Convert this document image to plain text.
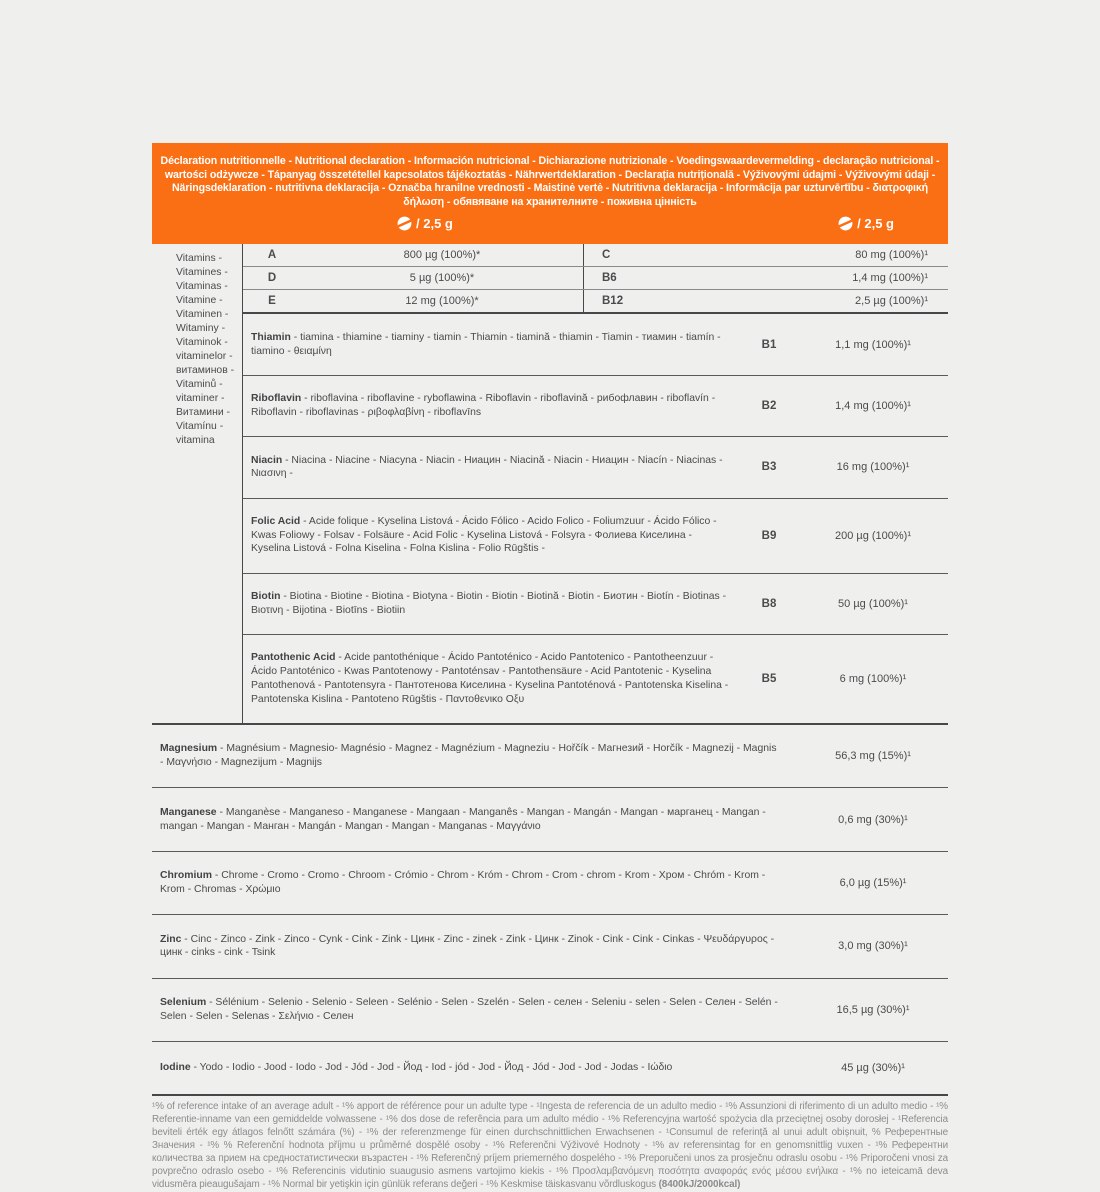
Déclaration nutritionnelle - Nutritional declaration - Información nutricional - Dichiarazione nutrizionale - Voedingswaardevermelding - declaração nutricional - wartości odżywcze - Tápanyag összetétellel kapcsolatos tájékoztatás - Nährwertdeklaration - Declarația nutrițională - Výživovými údajmi - Výživovými údaji - Näringsdeklaration - nutritivna deklaracija - Označba hranilne vrednosti - Maistinė vertė - Nutritivna deklaracija - Informācija par uzturvērtību - διατροφική δήλωση - обявяване на хранителните - поживна цінність

/ 2,5 g	/ 2,5 g
Vitamins - Vitamines - Vitaminas - Vitamine - Vitaminen - Witaminy - Vitaminok - vitaminelor - витаминов - Vitaminů - vitaminer - Витамини - Vitamínu - vitamina
A	800 µg (100%)*	C	80 mg (100%)¹
D	5 µg (100%)*	B6	1,4 mg (100%)¹
E	12 mg (100%)*	B12	2,5 µg (100%)¹

Thiamin - tiamina - thiamine - tiaminy - tiamin - Thiamin - tiamină - thiamin - Tiamin - тиамин - tiamín - tiamino - θειαμίνη

B1	1,1 mg (100%)¹

Riboflavin - riboflavina - riboflavine - ryboflawina - Riboflavin - riboflavină - рибофлавин - riboflavín - Riboflavin - riboflavinas - ριβοφλαβίνη - riboflavīns

B2	1,4 mg (100%)¹

Niacin - Niacina - Niacine - Niacyna - Niacin - Ниацин - Niacină - Niacin - Ниацин - Niacín - Niacinas - Νιασινη -

B3	16 mg (100%)¹

Folic Acid - Acide folique - Kyselina Listová - Ácido Fólico - Acido Folico - Foliumzuur - Ácido Fólico - Kwas Foliowy - Folsav - Folsäure - Acid Folic - Kyselina Listová - Folsyra - Фолиева Киселина - Kyselina Listová - Folna Kiselina - Folna Kislina - Folio Rūgštis -

B9	200 µg (100%)¹

Biotin - Biotina - Biotine - Biotina - Biotyna - Biotin - Biotin - Biotină - Biotin - Биотин - Biotín - Biotinas - Βιοτινη - Bijotina - Biotīns - Biotiin

B8	50 µg (100%)¹

Pantothenic Acid - Acide pantothénique - Ácido Pantoténico - Acido Pantotenico - Pantotheenzuur - Ácido Pantoténico - Kwas Pantotenowy - Pantoténsav - Pantothensäure - Acid Pantotenic - Kyselina Pantothenová - Pantotensyra - Пантотенова Киселина - Kyselina Pantoténová - Pantotenska Kiselina - Pantotenska Kislina - Pantoteno Rūgštis - Παντοθενικο Οξυ

B5	6 mg (100%)¹

Magnesium - Magnésium - Magnesio- Magnésio - Magnez - Magnézium - Magneziu - Hořčík - Магнезий - Horčík - Magnezij - Magnis - Μαγνήσιο - Magnezijum - Magnijs

56,3 mg (15%)¹

Manganese - Manganèse - Manganeso - Manganese - Mangaan - Manganês - Mangan - Mangán - Mangan - марганец - Mangan - mangan - Mangan - Манган - Mangán - Mangan - Mangan - Manganas - Μαγγάνιο

0,6 mg (30%)¹

Chromium - Chrome - Cromo - Cromo - Chroom - Crómio - Chrom - Króm - Chrom - Crom - chrom - Krom - Хром - Chróm - Krom - Krom - Chromas - Χρώμιο

6,0 µg (15%)¹

Zinc - Cinc - Zinco - Zink - Zinco - Cynk - Cink - Zink - Цинк - Zinc - zinek - Zink - Цинк - Zinok - Cink - Cink - Cinkas - Ψευδάργυρος - цинк - cinks - cink - Tsink

3,0 mg (30%)¹

Selenium - Sélénium - Selenio - Selenio - Seleen - Selénio - Selen - Szelén - Selen - селен - Seleniu - selen - Selen - Селен - Selén - Selen - Selen - Selenas - Σελήνιο - Селен

16,5 µg (30%)¹

Iodine - Yodo - Iodio - Jood - Iodo - Jod - Jód - Jod - Йод - Iod - jód - Jod - Йод - Jód - Jod - Jod - Jodas - Ιώδιο	45 µg (30%)¹
¹% of reference intake of an average adult - ¹% apport de référence pour un adulte type - ¹Ingesta de referencia de un adulto medio - ¹% Assunzioni di riferimento di un adulto medio - ¹% Referentie-inname van een gemiddelde volwassene - ¹% dos dose de referência para um adulto médio - ¹% Referencyjna wartość spożycia dla przeciętnej osoby dorosłej - ¹Referencia beviteli érték egy átlagos felnőtt számára (%) - ¹% der referenzmenge für einen durchschnittlichen Erwachsenen - ¹Consumul de referință al unui adult obișnuit, % Референтные Значения - ¹% % Referenční hodnota příjmu u průměrné dospělé osoby - ¹% Referenčni Výživové Hodnoty - ¹% av referensintag for en genomsnittlig vuxen - ¹% Референтни количества за прием на средностатистически възрастен - ¹% Referenčný príjem priemerného dospelého - ¹% Preporučeni unos za prosječnu odraslu osobu - ¹% Priporočeni vnosi za povprečno odraslo osebo - ¹% Referencinis vidutinio suaugusio asmens vartojimo kiekis - ¹% Προσλαμβανόμενη ποσότητα αναφοράς ενός μέσου ενήλικα - ¹% no ieteicamā deva vidusmēra pieaugušajam - ¹% Normal bir yetişkin için günlük referans değeri - ¹% Keskmise täiskasvanu võrdluskogus (8400kJ/2000kcal)
